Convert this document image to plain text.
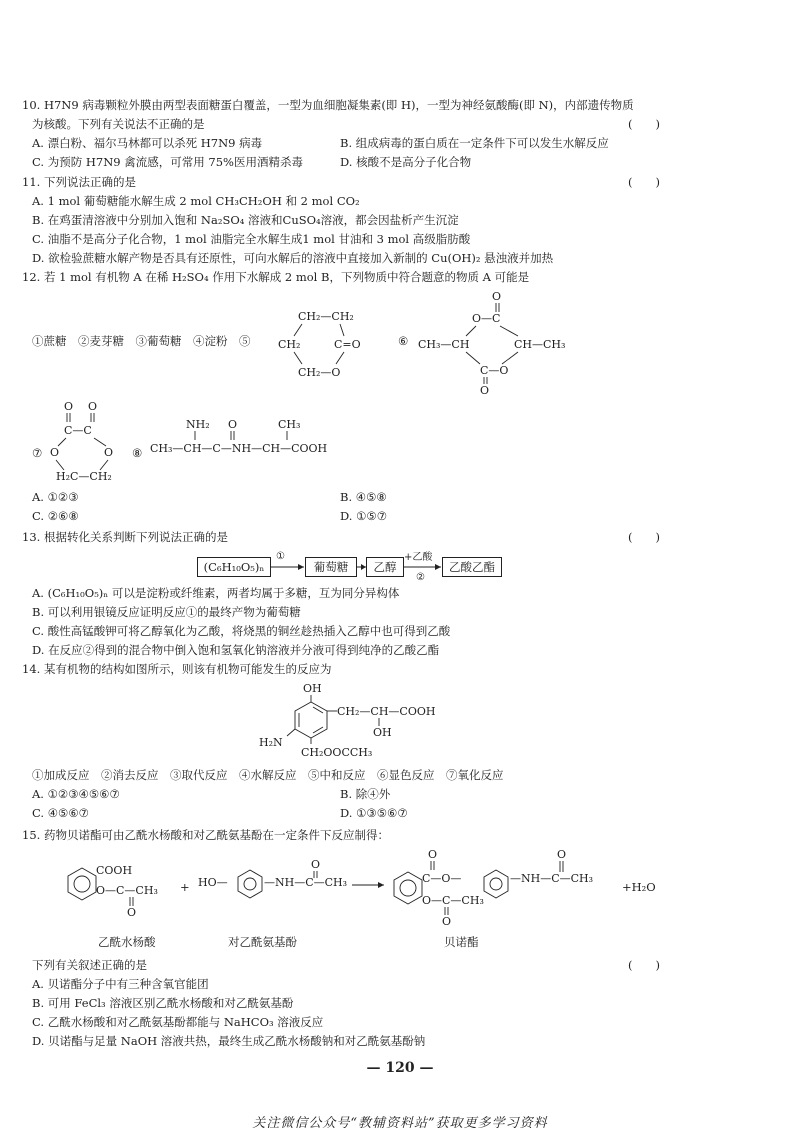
10. H7N9 病毒颗粒外膜由两型表面糖蛋白覆盖，一型为血细胞凝集素(即 H)，一型为神经氨酸酶(即 N)，内部遗传物质
为核酸。下列有关说法不正确的是	(　　)
A. 漂白粉、福尔马林都可以杀死 H7N9 病毒	B. 组成病毒的蛋白质在一定条件下可以发生水解反应
C. 为预防 H7N9 禽流感，可常用 75%医用酒精杀毒	D. 核酸不是高分子化合物
11. 下列说法正确的是	(　　)
A. 1 mol 葡萄糖能水解生成 2 mol CH₃CH₂OH 和 2 mol CO₂
B. 在鸡蛋清溶液中分别加入饱和 Na₂SO₄ 溶液和CuSO₄溶液，都会因盐析产生沉淀
C. 油脂不是高分子化合物，1 mol 油脂完全水解生成1 mol 甘油和 3 mol 高级脂肪酸
D. 欲检验蔗糖水解产物是否具有还原性，可向水解后的溶液中直接加入新制的 Cu(OH)₂ 悬浊液并加热
12. 若 1 mol 有机物 A 在稀 H₂SO₄ 作用下水解成 2 mol B，下列物质中符合题意的物质 A 可能是
①蔗糖　②麦芽糖　③葡萄糖　④淀粉　⑤	⑥
CH₂—CH₂
CH₂	C=O
CH₂—O
O
O—C
CH₃—CH	CH—CH₃
C—O
O
⑦
O O
C—C
O	O
H₂C—CH₂
⑧
NH₂ O	CH₃
CH₃—CH—C—NH—CH—COOH
A. ①②③	B. ④⑤⑧
C. ②⑥⑧	D. ①⑤⑦
13. 根据转化关系判断下列说法正确的是	(　　)
(C₆H₁₀O₅)ₙ
①
葡萄糖	乙醇
+乙酸
②
乙酸乙酯
A. (C₆H₁₀O₅)ₙ 可以是淀粉或纤维素，两者均属于多糖，互为同分异构体
B. 可以利用银镜反应证明反应①的最终产物为葡萄糖
C. 酸性高锰酸钾可将乙醇氧化为乙酸，将烧黑的铜丝趁热插入乙醇中也可得到乙酸
D. 在反应②得到的混合物中倒入饱和氢氧化钠溶液并分液可得到纯净的乙酸乙酯
14. 某有机物的结构如图所示，则该有机物可能发生的反应为
OH
CH₂—CH—COOH
OH
H₂N
CH₂OOCCH₃
①加成反应　②消去反应　③取代反应　④水解反应　⑤中和反应　⑥显色反应　⑦氧化反应
A. ①②③④⑤⑥⑦	B. 除④外
C. ④⑤⑥⑦	D. ①③⑤⑥⑦
15. 药物贝诺酯可由乙酰水杨酸和对乙酰氨基酚在一定条件下反应制得：
COOH
O—C—CH₃
O
乙酰水杨酸
+ HO—	—NH—C—CH₃
O
对乙酰氨基酚
O
C—O—	—NH—C—CH₃
O
O—C—CH₃
O
贝诺酯
+H₂O
下列有关叙述正确的是	(　　)
A. 贝诺酯分子中有三种含氧官能团
B. 可用 FeCl₃ 溶液区别乙酰水杨酸和对乙酰氨基酚
C. 乙酰水杨酸和对乙酰氨基酚都能与 NaHCO₃ 溶液反应
D. 贝诺酯与足量 NaOH 溶液共热，最终生成乙酰水杨酸钠和对乙酰氨基酚钠
— 120 —
关注微信公众号“教辅资料站”获取更多学习资料
